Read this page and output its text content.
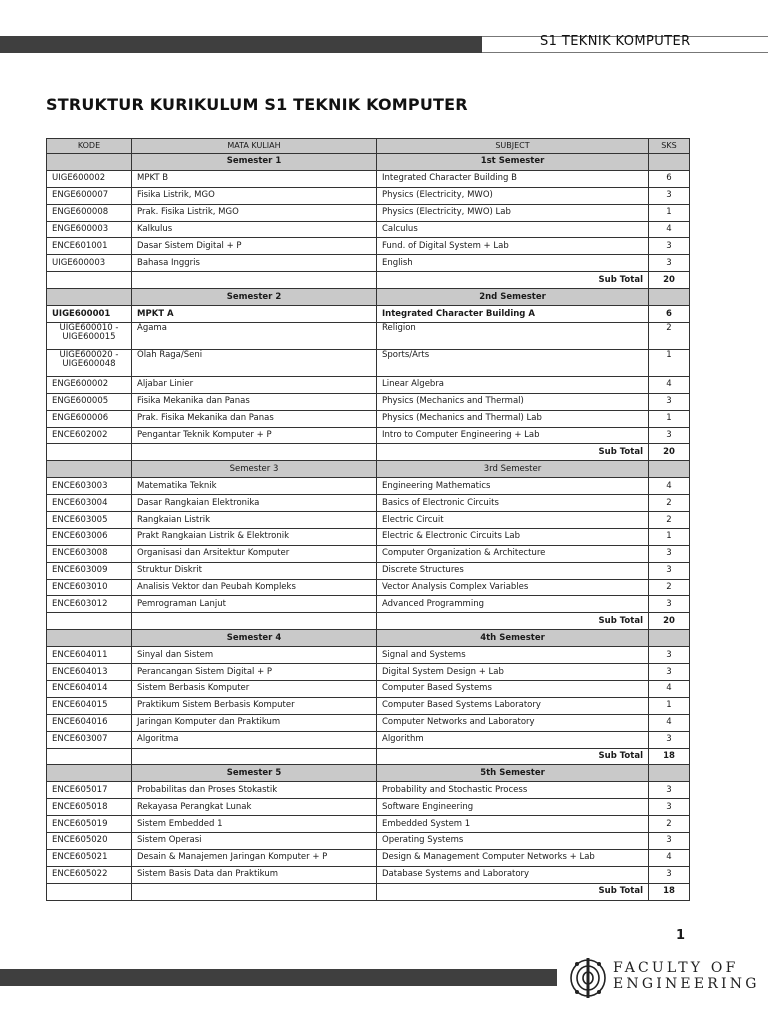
S1 TEKNIK KOMPUTER
STRUKTUR KURIKULUM S1 TEKNIK KOMPUTER
KODE	MATA KULIAH	SUBJECT	SKS
	Semester 1	1st Semester	
UIGE600002	MPKT B	Integrated Character Building B	6
ENGE600007	Fisika Listrik, MGO	Physics (Electricity, MWO)	3
ENGE600008	Prak. Fisika Listrik, MGO	Physics (Electricity, MWO) Lab	1
ENGE600003	Kalkulus	Calculus	4
ENCE601001	Dasar Sistem Digital + P	Fund. of Digital System + Lab	3
UIGE600003	Bahasa Inggris	English	3
		Sub Total	20
	Semester 2	2nd Semester	
UIGE600001	MPKT A	Integrated Character Building A	6
UIGE600010 - UIGE600015	Agama	Religion	2
UIGE600020 - UIGE600048	Olah Raga/Seni	Sports/Arts	1
ENGE600002	Aljabar Linier	Linear Algebra	4
ENGE600005	Fisika Mekanika dan Panas	Physics (Mechanics and Thermal)	3
ENGE600006	Prak. Fisika Mekanika dan Panas	Physics (Mechanics and Thermal) Lab	1
ENCE602002	Pengantar Teknik Komputer + P	Intro to Computer Engineering + Lab	3
		Sub Total	20
	Semester 3	3rd Semester	
ENCE603003	Matematika Teknik	Engineering Mathematics	4
ENCE603004	Dasar Rangkaian Elektronika	Basics of Electronic Circuits	2
ENCE603005	Rangkaian Listrik	Electric Circuit	2
ENCE603006	Prakt Rangkaian Listrik & Elektronik	Electric & Electronic Circuits Lab	1
ENCE603008	Organisasi dan Arsitektur Komputer	Computer Organization & Architecture	3
ENCE603009	Struktur Diskrit	Discrete Structures	3
ENCE603010	Analisis Vektor dan Peubah Kompleks	Vector Analysis Complex Variables	2
ENCE603012	Pemrograman Lanjut	Advanced Programming	3
		Sub Total	20
	Semester 4	4th Semester	
ENCE604011	Sinyal dan Sistem	Signal and Systems	3
ENCE604013	Perancangan Sistem Digital + P	Digital System Design + Lab	3
ENCE604014	Sistem Berbasis Komputer	Computer Based Systems	4
ENCE604015	Praktikum Sistem Berbasis Komputer	Computer Based Systems Laboratory	1
ENCE604016	Jaringan Komputer dan Praktikum	Computer Networks and Laboratory	4
ENCE603007	Algoritma	Algorithm	3
		Sub Total	18
	Semester 5	5th Semester	
ENCE605017	Probabilitas dan Proses Stokastik	Probability and Stochastic Process	3
ENCE605018	Rekayasa Perangkat Lunak	Software Engineering	3
ENCE605019	Sistem Embedded 1	Embedded System 1	2
ENCE605020	Sistem Operasi	Operating Systems	3
ENCE605021	Desain & Manajemen Jaringan Komputer + P	Design & Management Computer Networks + Lab	4
ENCE605022	Sistem Basis Data dan Praktikum	Database Systems and Laboratory	3
		Sub Total	18
1
FACULTY OF
ENGINEERING
